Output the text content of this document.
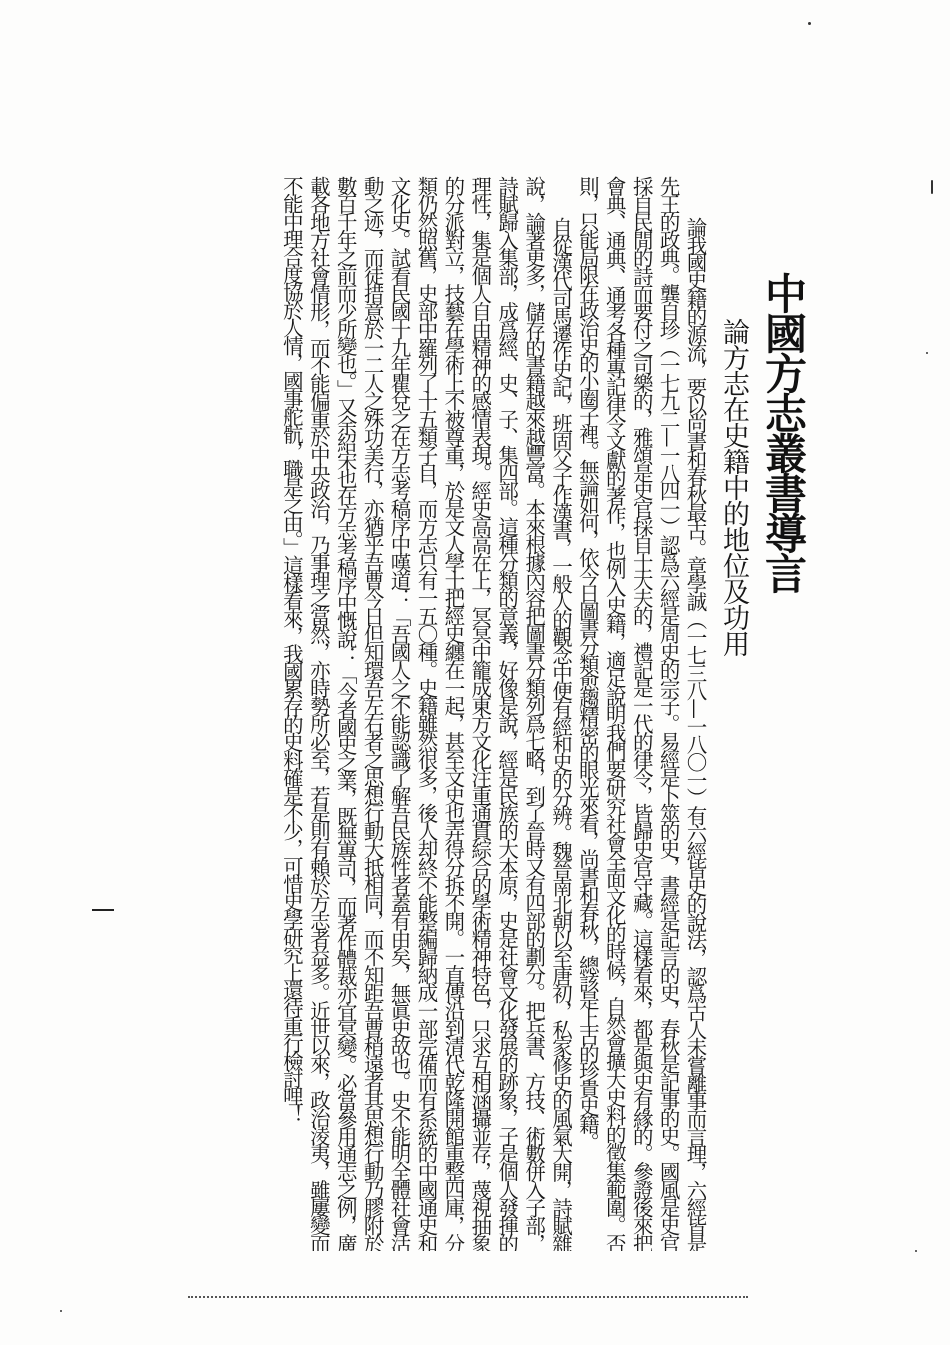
中國方志叢書導言
論方志在史籍中的地位及功用

論我國史籍的源流，要以尚書和春秋最古。章學誠（一七三八—一八〇一）有六經皆史的說法，認爲古人未嘗離事而言理，六經皆是先王的政典。龔自珍（一七九二—一八四一）認爲六經是周史的宗子。易經是卜筮的史，書經是記言的史，春秋是記事的史。國風是史官採自民間的詩而要付之司樂的，雅頌是史官採自士大夫的，禮記是一代的律令，皆歸史官守藏。這樣看來，都是與史有緣的。參證後來把會典、通典、通考各種專記律令文獻的著作，也例入史籍，適足說明我們要研究社會全面文化的時候，自然會擴大史料的徵集範圍。否則，只能局限在政治史的小圈子裡。無論如何，依今日圖書分類愈趨精密的眼光來看，尚書和春秋，總該是上古的珍貴史籍。

自從漢代司馬遷作史記，班固父子作漢書，一般人的觀念中便有經和史的分辨。魏晉南北朝以至唐初，私家修史的風氣大開，詩賦雜說，論著更多，儲存的書籍越來越豐富。本來根據內容把圖書分類列爲七略，到了晉時又有四部的劃分。把兵書、方技、術數併入子部，詩賦歸入集部，成爲經、史、子、集四部。這種分類的意義，好像是說，經是民族的大本原，史是社會文化發展的跡象，子是個人發揮的理性，集是個人自由精神的感情表現。經史高高在上，冥冥中籠成東方文化注重通貫綜合的學術精神特色，只求互相涵攝並存，蔑視抽象的分派對立，技藝在學術上不被尊重，於是文人學士把經史纏在一起，甚至文史也弄得分拆不開。一直傳沿到清代乾隆開館重整四庫，分類仍然照舊，史部中羅列了十五類子目，而方志只有一五〇種。史籍雖然很多，後人却終不能整編歸納成一部完備而有系統的中國通史和文化史。試看民國十九年瞿兌之在方志考稿序中嘆道：「吾國人之不能認識了解吾民族性者蓋有由矣，無眞史故也。史不能明全體社會活動之迹，而徒措意於一二人之殊功美行，亦猶乎吾曹今日但知環吾左右者之思想行動大抵相同，而不知距吾曹稍遠者其思想行動乃膠附於數百千年之前而少所變也。」又余紹宋也在方志考稿序中慨說：「今者國史之業，既無專司，而著作體裁亦宜冥變。必當參用通志之例，廣載各地方社會情形，而不能偏重於中央政治，乃事理之當然，亦時勢所必至，若是則有賴於方志者益多。近世以來，政治淩夷，雖屢變而不能中理合度協於人情，國事舵骯，職是之由。」這樣看來，我國累存的史料確是不少，可惜史學研究上還待重行檢討哩！
